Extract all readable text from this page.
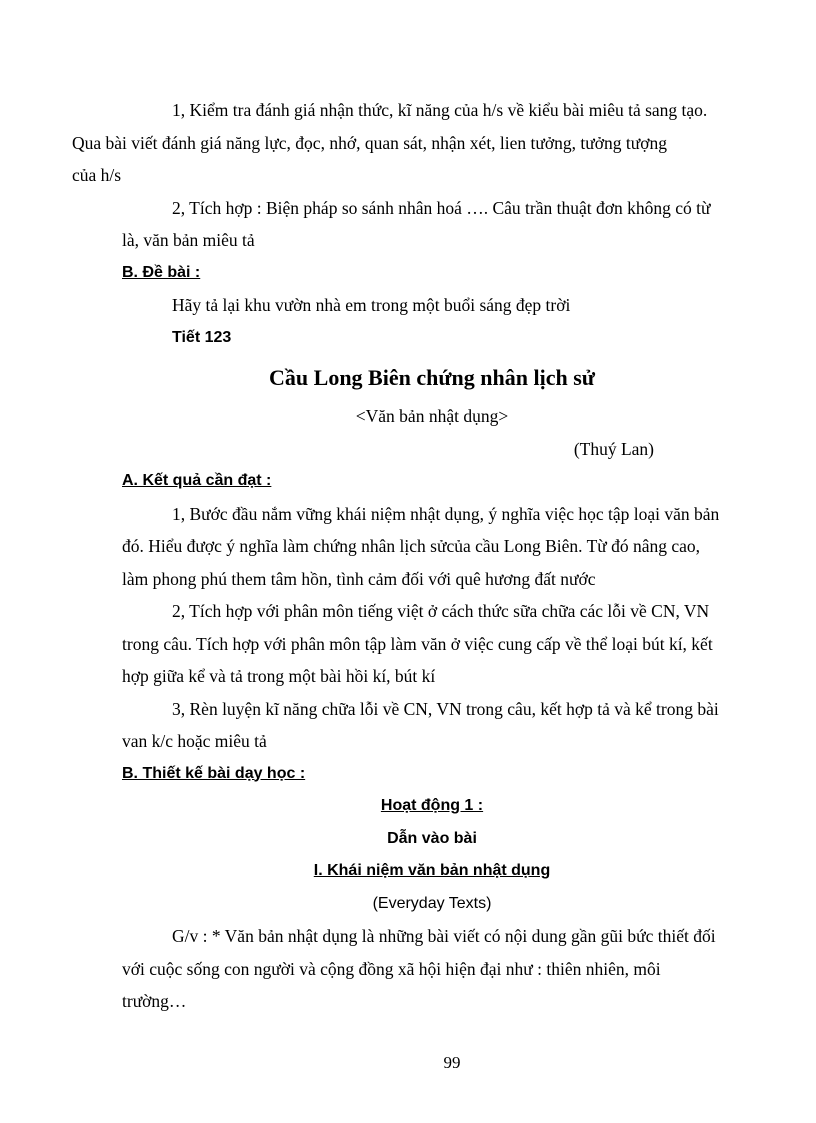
1, Kiểm tra đánh giá nhận thức, kĩ năng của h/s về kiểu bài miêu tả sang tạo.
Qua bài viết đánh giá năng lực, đọc, nhớ, quan sát, nhận xét, lien tưởng, tưởng tượng
của h/s

2, Tích hợp : Biện pháp so sánh nhân hoá …. Câu trần thuật đơn không có từ
là, văn bản miêu tả

B. Đề bài :

Hãy tả lại khu vườn nhà em trong một buổi sáng đẹp trời

Tiết 123

Cầu Long Biên chứng nhân lịch sử

<Văn bản nhật dụng>

(Thuý Lan)

A. Kết quả cần đạt :

1, Bước đầu nắm vững khái niệm nhật dụng, ý nghĩa việc học tập loại văn bản
đó. Hiểu được ý nghĩa làm chứng nhân lịch sửcủa cầu Long Biên. Từ đó nâng cao,
làm phong phú them tâm hồn, tình cảm đối với quê hương đất nước

2, Tích hợp với phân môn tiếng việt ở cách thức sữa chữa các lỗi về CN, VN
trong câu. Tích hợp với phân môn tập làm văn ở việc cung cấp về thể loại bút kí, kết
hợp giữa kể và tả trong một bài hồi kí, bút kí

3, Rèn luyện kĩ năng chữa lỗi về CN, VN trong câu, kết hợp tả và kể trong bài
van k/c hoặc miêu tả

B. Thiết kế bài dạy học :

Hoạt động 1 :

Dẫn vào bài

I. Khái niệm văn bản nhật dụng

(Everyday Texts)

G/v : * Văn bản nhật dụng là những bài viết có nội dung gần gũi bức thiết đối
với cuộc sống con người và cộng đồng xã hội hiện đại như : thiên nhiên, môi
trường…

99
